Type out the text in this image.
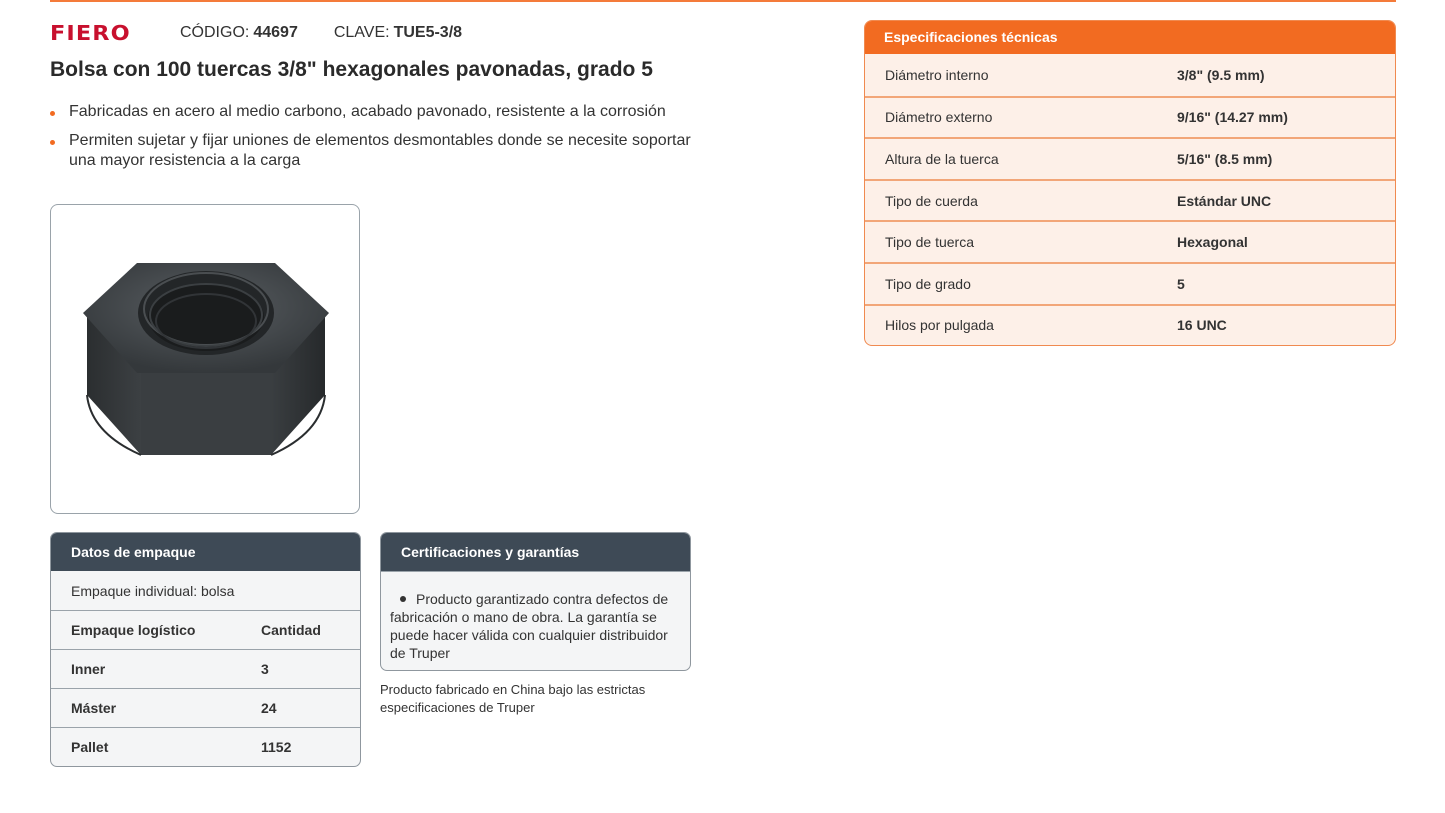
FIERO	CÓDIGO: 44697 CLAVE: TUE5-3/8
Bolsa con 100 tuercas 3/8" hexagonales pavonadas, grado 5
Fabricadas en acero al medio carbono, acabado pavonado, resistente a la corrosión
Permiten sujetar y fijar uniones de elementos desmontables donde se necesite soportar una mayor resistencia a la carga
Datos de empaque
Empaque individual: bolsa
Empaque logístico	Cantidad
Inner	3
Máster	24
Pallet	1152
Certificaciones y garantías
Producto garantizado contra defectos de fabricación o mano de obra. La garantía se puede hacer válida con cualquier distribuidor de Truper
Producto fabricado en China bajo las estrictas especificaciones de Truper
Especificaciones técnicas
Diámetro interno	3/8" (9.5 mm)
Diámetro externo	9/16" (14.27 mm)
Altura de la tuerca	5/16" (8.5 mm)
Tipo de cuerda	Estándar UNC
Tipo de tuerca	Hexagonal
Tipo de grado	5
Hilos por pulgada	16 UNC
